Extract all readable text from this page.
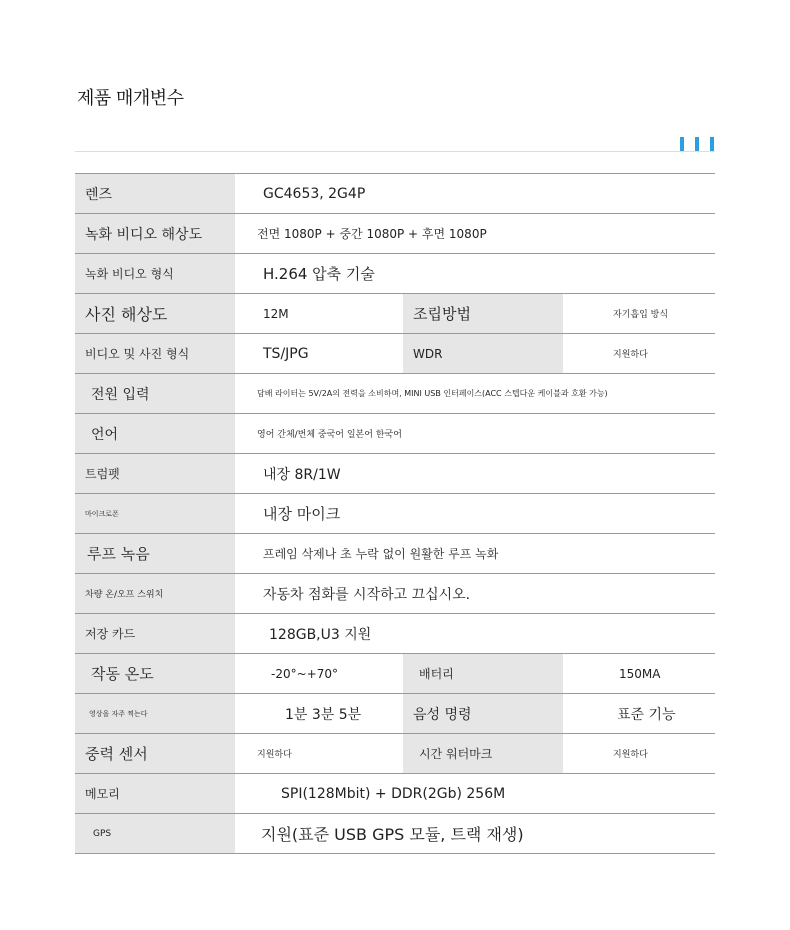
제품 매개변수
렌즈	GC4653, 2G4P		
녹화 비디오 해상도	전면 1080P + 중간 1080P + 후면 1080P		
녹화 비디오 형식	H.264 압축 기술		
사진 해상도	12M	조립방법	자기흡입 방식
비디오 및 사진 형식	TS/JPG	WDR	지원하다
전원 입력	담배 라이터는 5V/2A의 전력을 소비하며, MINI USB 인터페이스(ACC 스텝다운 케이블과 호환 가능)		
언어	영어 간체/번체 중국어 일본어 한국어		
트럼펫	내장 8R/1W		
마이크로폰	내장 마이크		
루프 녹음	프레임 삭제나 초 누락 없이 원활한 루프 녹화		
차량 온/오프 스위치	자동차 점화를 시작하고 끄십시오.		
저장 카드	128GB,U3 지원		
작동 온도	-20°~+70°	배터리	150MA
영상을 자주 찍는다	1분 3분 5분	음성 명령	표준 기능
중력 센서	지원하다	시간 워터마크	지원하다
메모리	SPI(128Mbit) + DDR(2Gb) 256M		
GPS	지원(표준 USB GPS 모듈, 트랙 재생)		
